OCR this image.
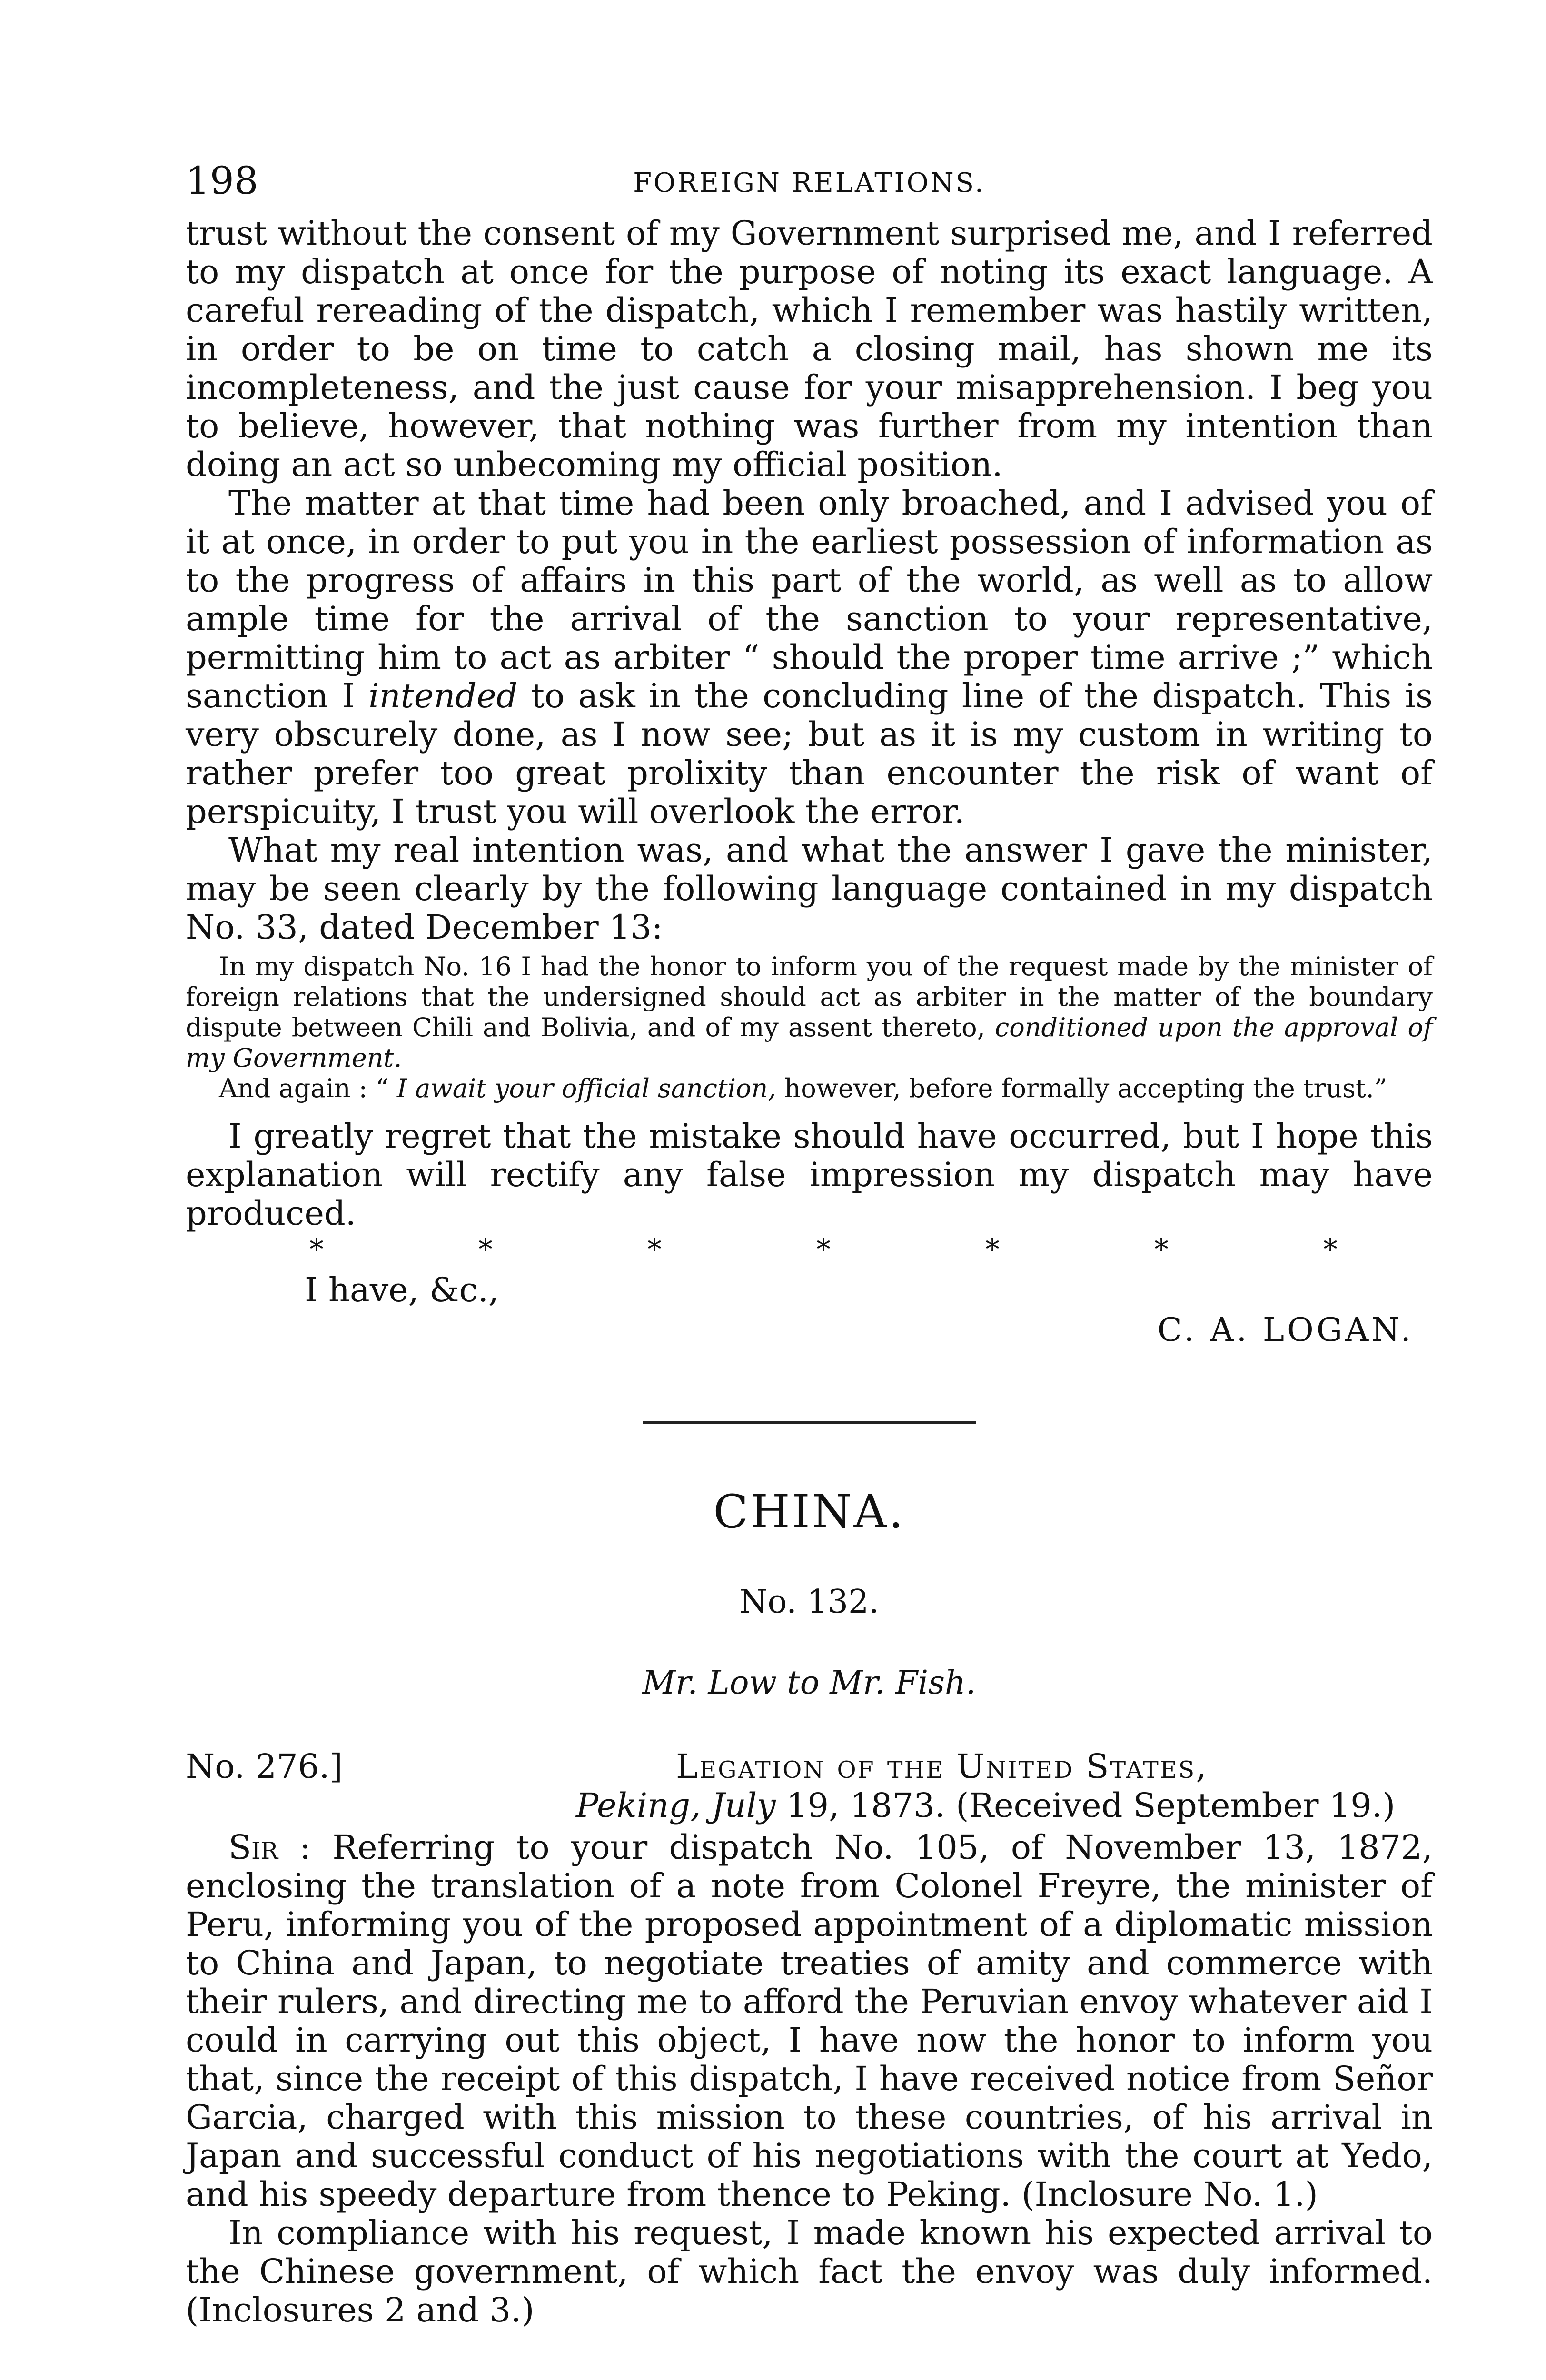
198	FOREIGN RELATIONS.

trust without the consent of my Government surprised me, and I referred to my dispatch at once for the purpose of noting its exact language. A careful rereading of the dispatch, which I remember was hastily written, in order to be on time to catch a closing mail, has shown me its incompleteness, and the just cause for your misapprehension. I beg you to believe, however, that nothing was further from my intention than doing an act so unbecoming my official position.

The matter at that time had been only broached, and I advised you of it at once, in order to put you in the earliest possession of information as to the progress of affairs in this part of the world, as well as to allow ample time for the arrival of the sanction to your representative, permitting him to act as arbiter “ should the proper time arrive ;” which sanction I intended to ask in the concluding line of the dispatch. This is very obscurely done, as I now see; but as it is my custom in writing to rather prefer too great prolixity than encounter the risk of want of perspicuity, I trust you will overlook the error.

What my real intention was, and what the answer I gave the minister, may be seen clearly by the following language contained in my dispatch No. 33, dated December 13:

In my dispatch No. 16 I had the honor to inform you of the request made by the minister of foreign relations that the undersigned should act as arbiter in the matter of the boundary dispute between Chili and Bolivia, and of my assent thereto, conditioned upon the approval of my Government.

And again : “ I await your official sanction, however, before formally accepting the trust.”

I greatly regret that the mistake should have occurred, but I hope this explanation will rectify any false impression my dispatch may have produced.

*	*	*	*	*	*	*
I have, &c.,
C. A. LOGAN.
CHINA.
No. 132.
Mr. Low to Mr. Fish.
No. 276.]	Legation of the United States,
Peking, July 19, 1873. (Received September 19.)

Sir : Referring to your dispatch No. 105, of November 13, 1872, enclosing the translation of a note from Colonel Freyre, the minister of Peru, informing you of the proposed appointment of a diplomatic mission to China and Japan, to negotiate treaties of amity and commerce with their rulers, and directing me to afford the Peruvian envoy whatever aid I could in carrying out this object, I have now the honor to inform you that, since the receipt of this dispatch, I have received notice from Señor Garcia, charged with this mission to these countries, of his arrival in Japan and successful conduct of his negotiations with the court at Yedo, and his speedy departure from thence to Peking. (Inclosure No. 1.)

In compliance with his request, I made known his expected arrival to the Chinese government, of which fact the envoy was duly informed. (Inclosures 2 and 3.)
